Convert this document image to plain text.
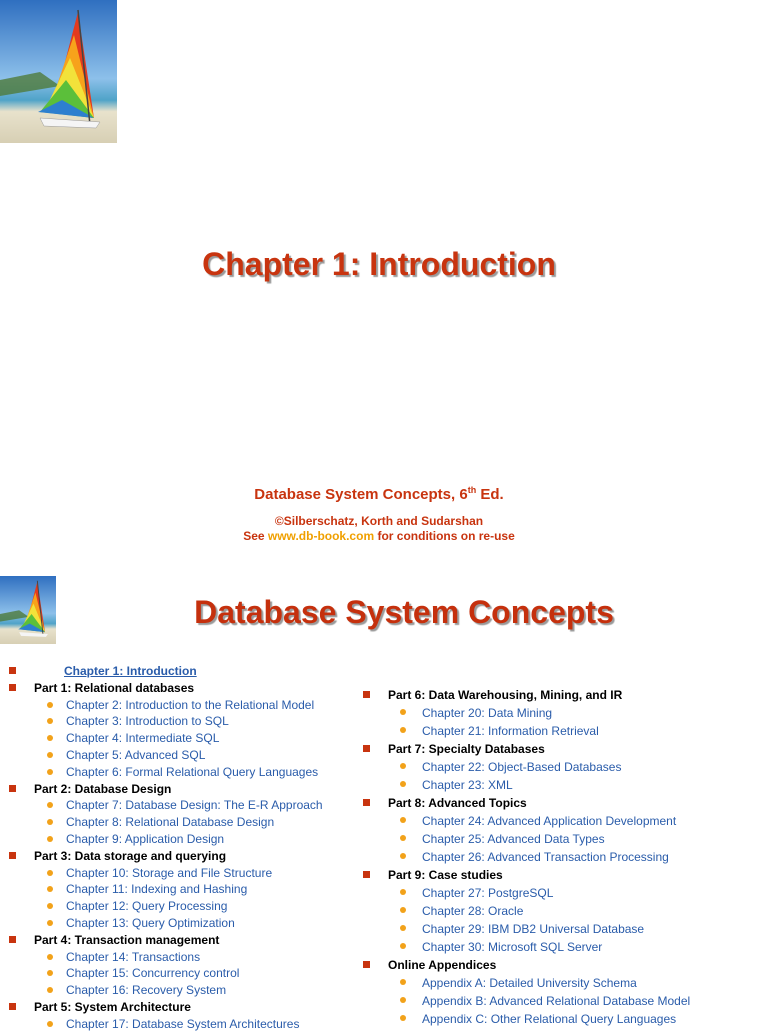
Chapter 1: Introduction
Database System Concepts, 6th Ed.
©Silberschatz, Korth and Sudarshan
See www.db-book.com for conditions on re-use
Database System Concepts
Chapter 1: Introduction
Part 1: Relational databases
Chapter 2: Introduction to the Relational Model
Chapter 3: Introduction to SQL
Chapter 4: Intermediate SQL
Chapter 5: Advanced SQL
Chapter 6: Formal Relational Query Languages
Part 2: Database Design
Chapter 7: Database Design: The E-R Approach
Chapter 8: Relational Database Design
Chapter 9: Application Design
Part 3: Data storage and querying
Chapter 10: Storage and File Structure
Chapter 11: Indexing and Hashing
Chapter 12: Query Processing
Chapter 13: Query Optimization
Part 4: Transaction management
Chapter 14: Transactions
Chapter 15: Concurrency control
Chapter 16: Recovery System
Part 5: System Architecture
Chapter 17: Database System Architectures
Part 6: Data Warehousing, Mining, and IR
Chapter 20: Data Mining
Chapter 21: Information Retrieval
Part 7: Specialty Databases
Chapter 22: Object-Based Databases
Chapter 23: XML
Part 8: Advanced Topics
Chapter 24: Advanced Application Development
Chapter 25: Advanced Data Types
Chapter 26: Advanced Transaction Processing
Part 9: Case studies
Chapter 27: PostgreSQL
Chapter 28: Oracle
Chapter 29: IBM DB2 Universal Database
Chapter 30: Microsoft SQL Server
Online Appendices
Appendix A: Detailed University Schema
Appendix B: Advanced Relational Database Model
Appendix C: Other Relational Query Languages
